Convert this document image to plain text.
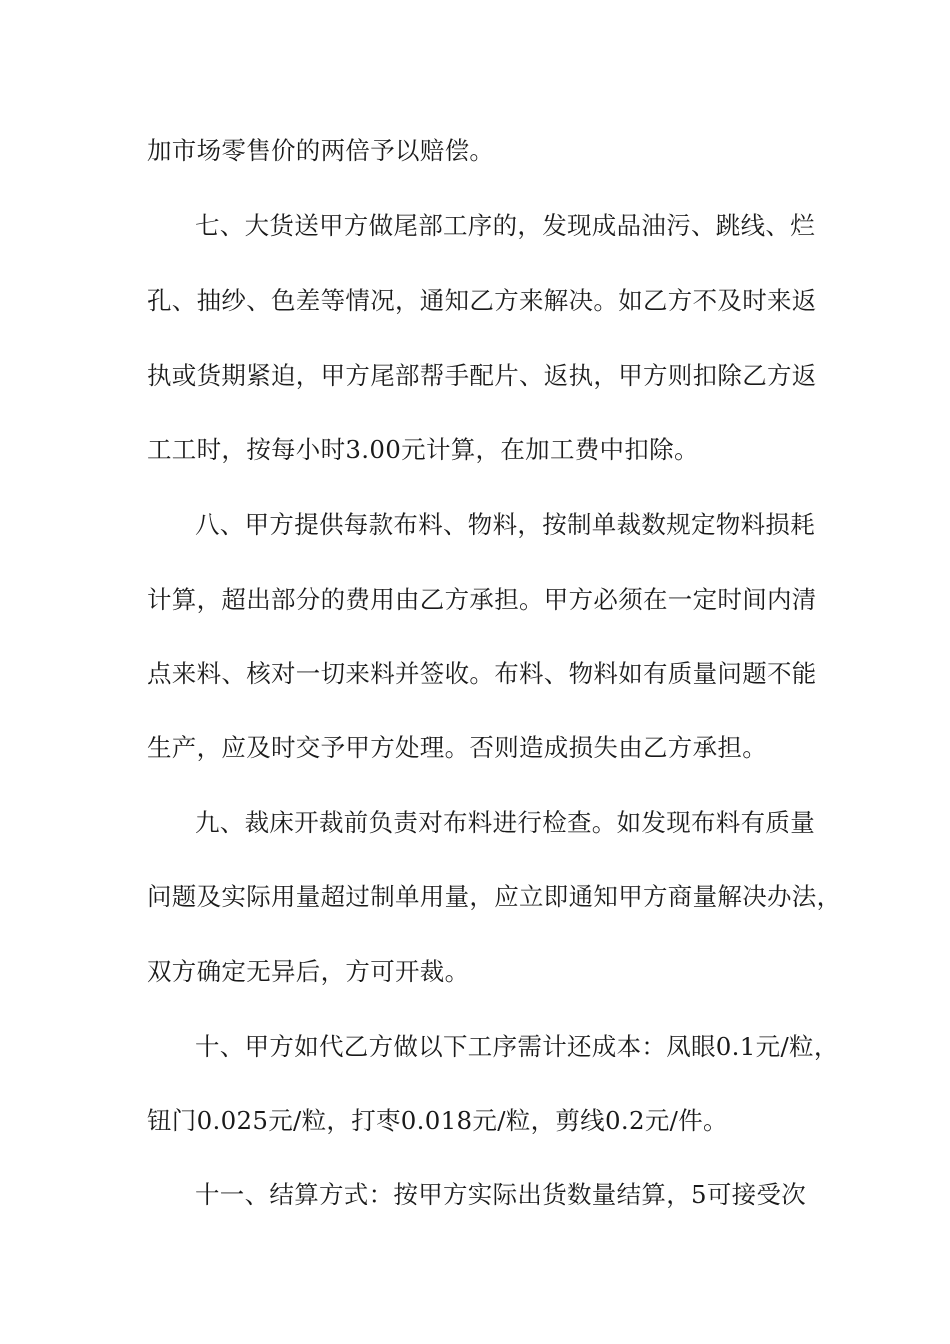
加市场零售价的两倍予以赔偿。
七、大货送甲方做尾部工序的，发现成品油污、跳线、烂
孔、抽纱、色差等情况，通知乙方来解决。如乙方不及时来返
执或货期紧迫，甲方尾部帮手配片、返执，甲方则扣除乙方返
工工时，按每小时3.00元计算，在加工费中扣除。
八、甲方提供每款布料、物料，按制单裁数规定物料损耗
计算，超出部分的费用由乙方承担。甲方必须在一定时间内清
点来料、核对一切来料并签收。布料、物料如有质量问题不能
生产，应及时交予甲方处理。否则造成损失由乙方承担。
九、裁床开裁前负责对布料进行检查。如发现布料有质量
问题及实际用量超过制单用量，应立即通知甲方商量解决办法，
双方确定无异后，方可开裁。
十、甲方如代乙方做以下工序需计还成本：凤眼0.1元/粒，
钮门0.025元/粒，打枣0.018元/粒，剪线0.2元/件。
十一、结算方式：按甲方实际出货数量结算，5可接受次
